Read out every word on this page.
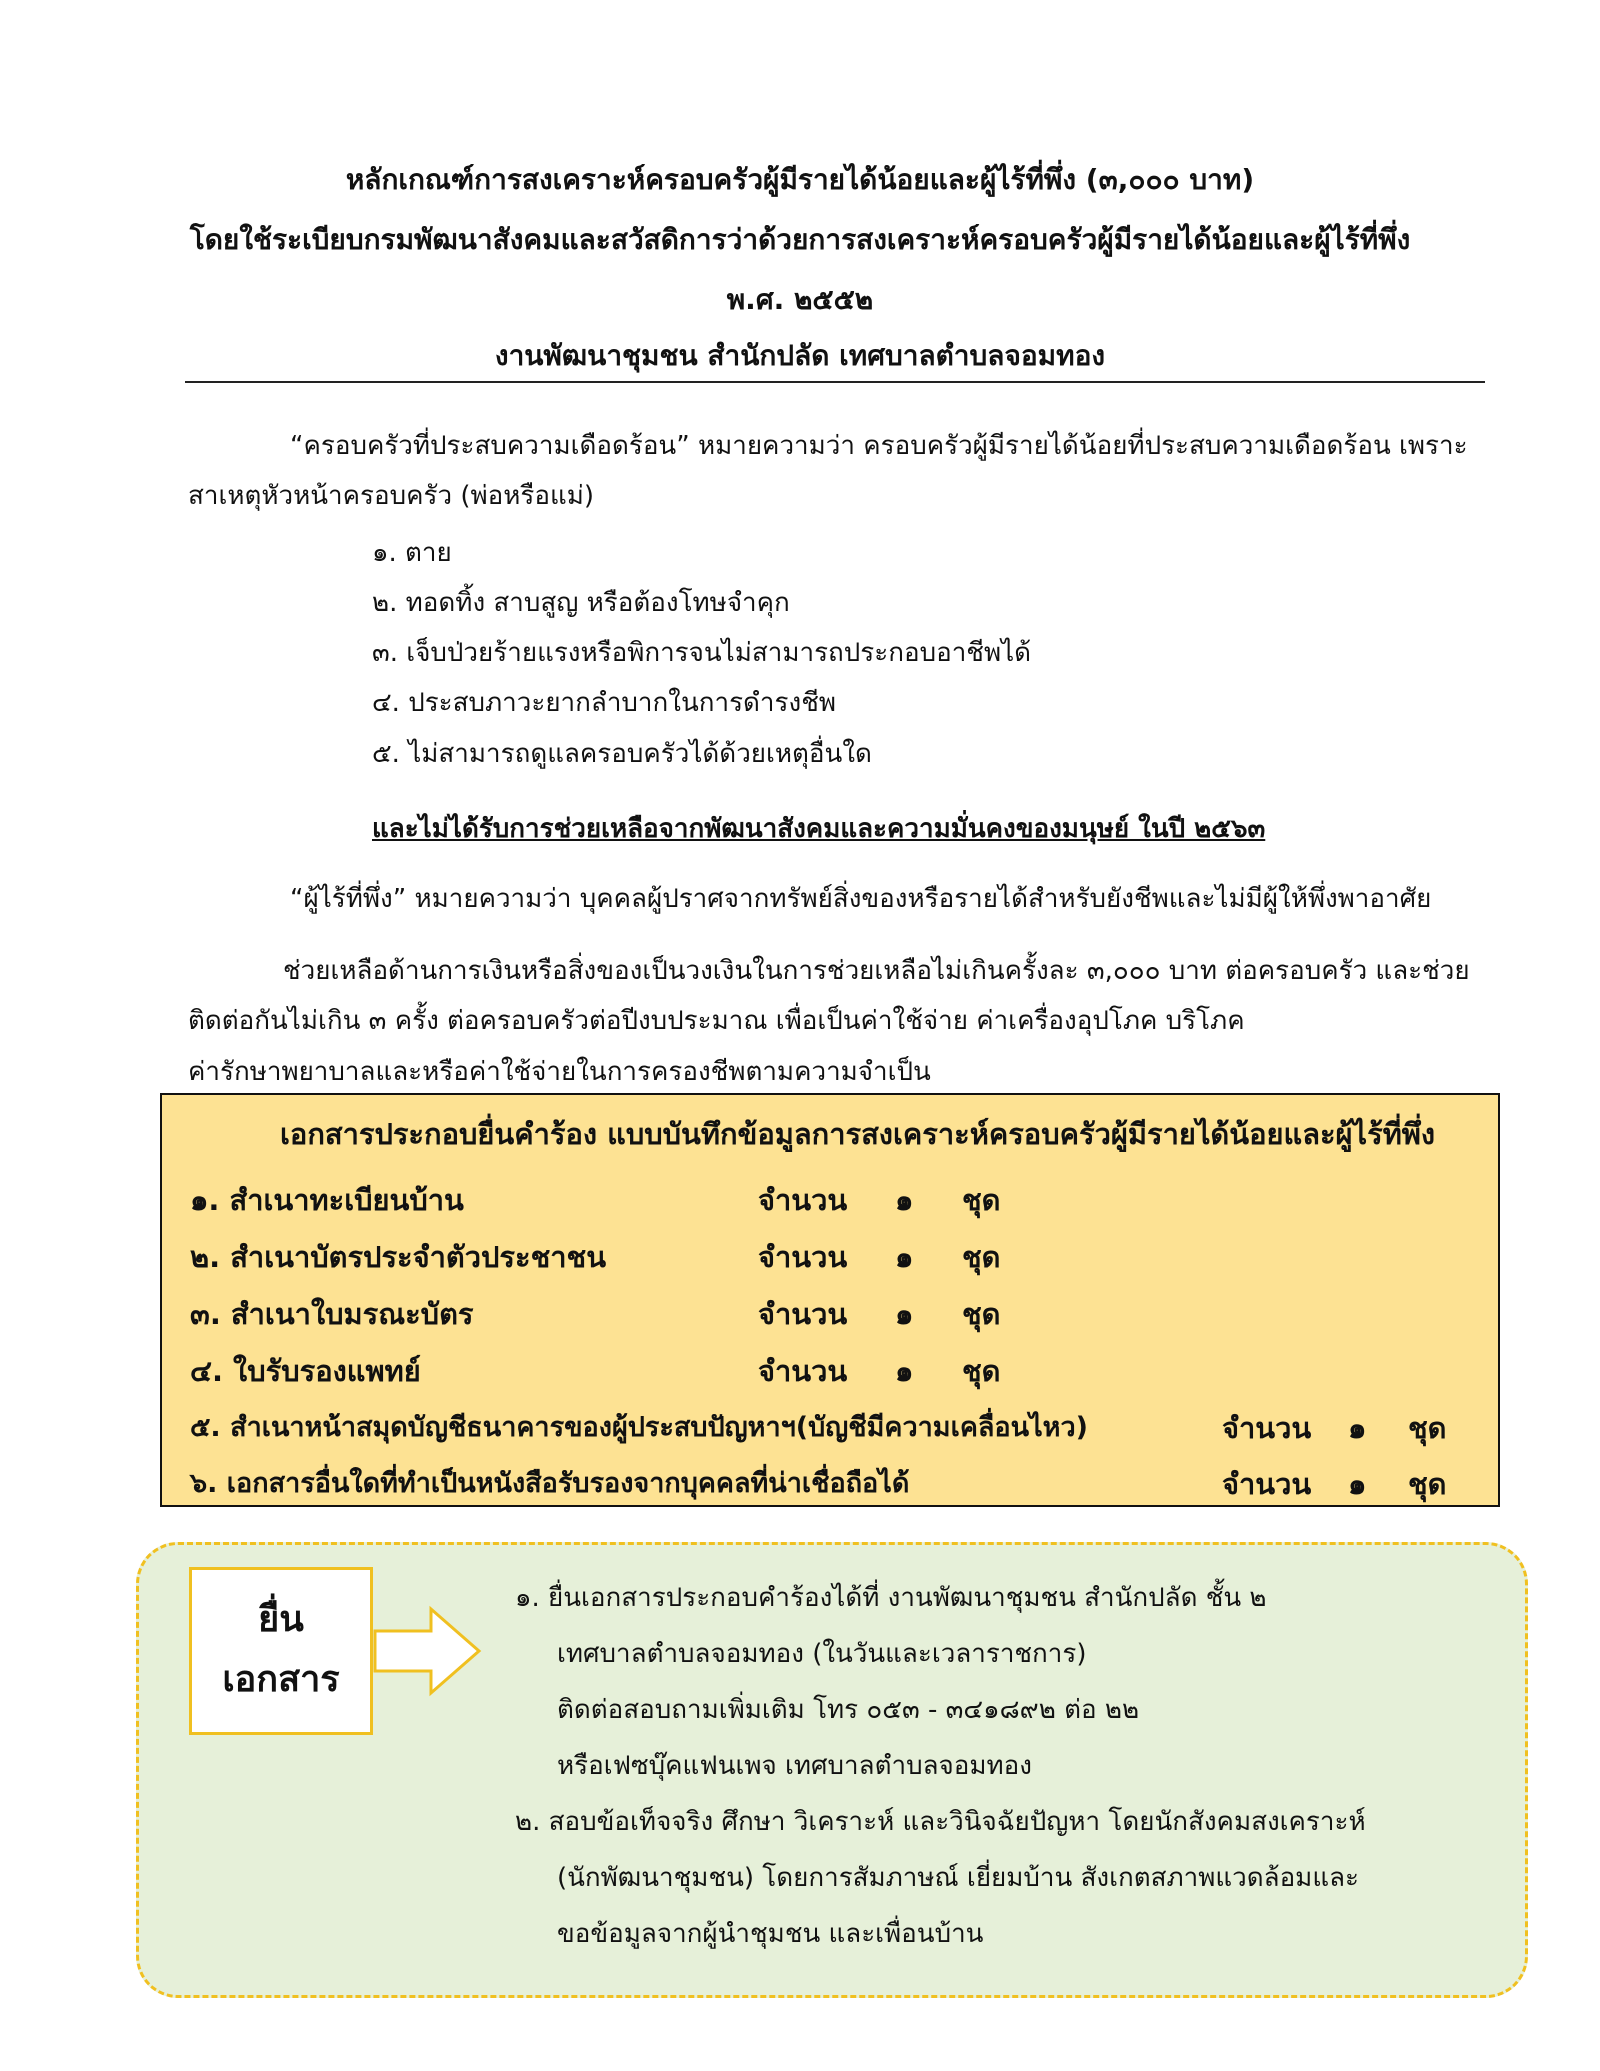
หลักเกณฑ์การสงเคราะห์ครอบครัวผู้มีรายได้น้อยและผู้ไร้ที่พึ่ง (๓,๐๐๐ บาท)
โดยใช้ระเบียบกรมพัฒนาสังคมและสวัสดิการว่าด้วยการสงเคราะห์ครอบครัวผู้มีรายได้น้อยและผู้ไร้ที่พึ่ง
พ.ศ. ๒๕๕๒
งานพัฒนาชุมชน สำนักปลัด เทศบาลตำบลจอมทอง
“ครอบครัวที่ประสบความเดือดร้อน” หมายความว่า ครอบครัวผู้มีรายได้น้อยที่ประสบความเดือดร้อน เพราะ
สาเหตุหัวหน้าครอบครัว (พ่อหรือแม่)
๑. ตาย
๒. ทอดทิ้ง สาบสูญ หรือต้องโทษจำคุก
๓. เจ็บป่วยร้ายแรงหรือพิการจนไม่สามารถประกอบอาชีพได้
๔. ประสบภาวะยากลำบากในการดำรงชีพ
๕. ไม่สามารถดูแลครอบครัวได้ด้วยเหตุอื่นใด
และไม่ได้รับการช่วยเหลือจากพัฒนาสังคมและความมั่นคงของมนุษย์ ในปี ๒๕๖๓
“ผู้ไร้ที่พึ่ง” หมายความว่า บุคคลผู้ปราศจากทรัพย์สิ่งของหรือรายได้สำหรับยังชีพและไม่มีผู้ให้พึ่งพาอาศัย
ช่วยเหลือด้านการเงินหรือสิ่งของเป็นวงเงินในการช่วยเหลือไม่เกินครั้งละ ๓,๐๐๐ บาท ต่อครอบครัว และช่วย
ติดต่อกันไม่เกิน ๓ ครั้ง ต่อครอบครัวต่อปีงบประมาณ เพื่อเป็นค่าใช้จ่าย ค่าเครื่องอุปโภค บริโภค
ค่ารักษาพยาบาลและหรือค่าใช้จ่ายในการครองชีพตามความจำเป็น
เอกสารประกอบยื่นคำร้อง แบบบันทึกข้อมูลการสงเคราะห์ครอบครัวผู้มีรายได้น้อยและผู้ไร้ที่พึ่ง
๑. สำเนาทะเบียนบ้าน	จำนวน ๑ ชุด
๒. สำเนาบัตรประจำตัวประชาชน	จำนวน ๑ ชุด
๓. สำเนาใบมรณะบัตร	จำนวน ๑ ชุด
๔. ใบรับรองแพทย์	จำนวน ๑ ชุด
๕. สำเนาหน้าสมุดบัญชีธนาคารของผู้ประสบปัญหาฯ(บัญชีมีความเคลื่อนไหว)	จำนวน ๑ ชุด
๖. เอกสารอื่นใดที่ทำเป็นหนังสือรับรองจากบุคคลที่น่าเชื่อถือได้	จำนวน ๑ ชุด
ยื่น
เอกสาร
๑. ยื่นเอกสารประกอบคำร้องได้ที่ งานพัฒนาชุมชน สำนักปลัด ชั้น ๒
เทศบาลตำบลจอมทอง (ในวันและเวลาราชการ)
ติดต่อสอบถามเพิ่มเติม โทร ๐๕๓ - ๓๔๑๘๙๒ ต่อ ๒๒
หรือเฟซบุ๊คแฟนเพจ เทศบาลตำบลจอมทอง
๒. สอบข้อเท็จจริง ศึกษา วิเคราะห์ และวินิจฉัยปัญหา โดยนักสังคมสงเคราะห์
(นักพัฒนาชุมชน) โดยการสัมภาษณ์ เยี่ยมบ้าน สังเกตสภาพแวดล้อมและ
ขอข้อมูลจากผู้นำชุมชน และเพื่อนบ้าน
